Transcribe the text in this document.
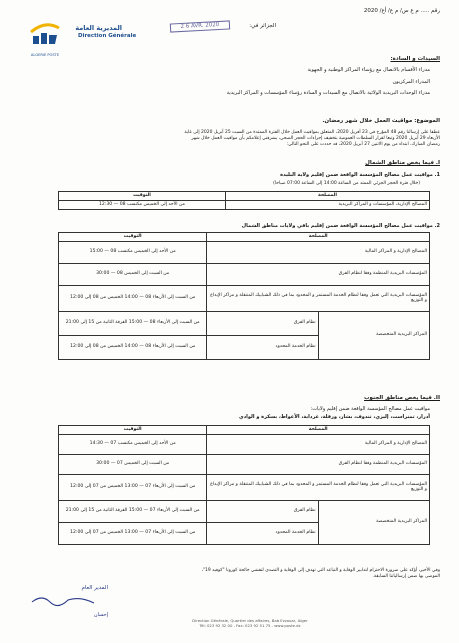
ALGERIE POSTE
المديرية العامة
Direction Générale
رقم ..... م ع س/ م ع/ أع/ 2020
2 6 AVR. 2020	الجزائر في:
السيدات و السادة:
مدراء الأقسام بالاتصال مع رؤساء المراكز الوطنية و الجهوية
المدراء المركزيون
مدراء الوحدات البريدية الولائية بالاتصال مع السيدات و السادة رؤساء المؤسسات و المراكز البريدية
الموضوع: مواقيت العمل خلال شهر رمضان.
عطفا على إرسالنا رقم 48 المؤرخ في 23 أفريل 2020، المتعلق بمواقيت العمل خلال الفترة الممتدة من السبت 25 أبريل 2020 إلى غاية
الأربعاء 29 أبريل 2020 وتبعا لقرار السلطات العمومية بتخفيف إجراءات الحجر الصحي، يشرفني إعلامكم بأن مواقيت العمل خلال شهر
رمضان المبارك، ابتداء من يوم الاثنين 27 أبريل 2020، قد حددت على النحو التالي:
I. فيما يخص مناطق الشمال
1. مواقيت عمل مصالح المؤسسة الواقعة ضمن إقليم ولاية البليدة
(خلال فترة الحجر الجزئي الممتد من الساعة 14:00 إلى الساعة 07:00 صباحا)
المصلحة	التوقيت
المصالح الإدارية، المؤسسات و المراكز البريدية	من الأحد إلى الخميس مكتسب 08 — 12:30
2. مواقيت عمل مصالح المؤسسة الواقعة ضمن إقليم باقي ولايات مناطق الشمال
المصلحة		التوقيت
المصالح الإدارية و المراكز المالية		من الأحد إلى الخميس مكتسب 08 — 15:00
المؤسسات البريدية المنظمة وفقا لنظام الفرق		من السبت إلى الخميس 08 — 30:00
المؤسسات البريدية التي تعمل وفقا لنظام الخدمة المستمر و المحدود بما في ذلك الشبابيك المتنقلة و مراكز الإيداع و التوزيع		من السبت إلى الأربعاء 08 — 14:00 الخميس من 08 إلى 12:00
المراكز البريدية المتخصصة	نظام الفرق	من السبت إلى الأربعاء 08 — 15:00 الفرقة الثانية من 15 إلى 21:00
	نظام الخدمة المحدود	من السبت إلى الأربعاء 08 — 14:00 الخميس من 08 إلى 12:00
II. فيما يخص مناطق الجنوب
مواقيت عمل مصالح المؤسسة الواقعة ضمن إقليم ولايات:
أدرار، تمنراست، إليزي، تندوف، بشار، ورقلة، غرداية، الأغواط، بسكرة و الوادي
المصلحة		التوقيت
المصالح الإدارية و المراكز المالية		من الأحد إلى الخميس مكتسب 07 — 14:30
المؤسسات البريدية المنظمة وفقا لنظام الفرق		من السبت إلى الخميس 07 — 30:00
المؤسسات البريدية التي تعمل وفقا لنظام الخدمة المستمر و المحدود بما في ذلك الشبابيك المتنقلة و مراكز الإيداع و التوزيع		من السبت إلى الأربعاء 07 — 13:00 الخميس من 07 إلى 12:00
المراكز البريدية المتخصصة	نظام الفرق	من السبت إلى الأربعاء 07 — 15:00 الفرقة الثانية من 15 إلى 21:00
	نظام الخدمة المحدود	من السبت إلى الأربعاء 07 — 13:00 الخميس من 07 إلى 12:00
وفي الأخير، أؤكد على ضرورة الاحترام لتدابير الوقاية و التباعد التي تهدف إلى الوقاية و التصدي لتفشي جائحة كورونا "كوفيد 19"،
الموصى بها ضمن إرسالياتنا السابقة.
المدير العام
إحسان
Direction Générale, Quartier des affaires, Bab Ezzouar, Alger
Tél: 023 92 32 00 - Fax: 023 92 51 75 - www.poste.dz
